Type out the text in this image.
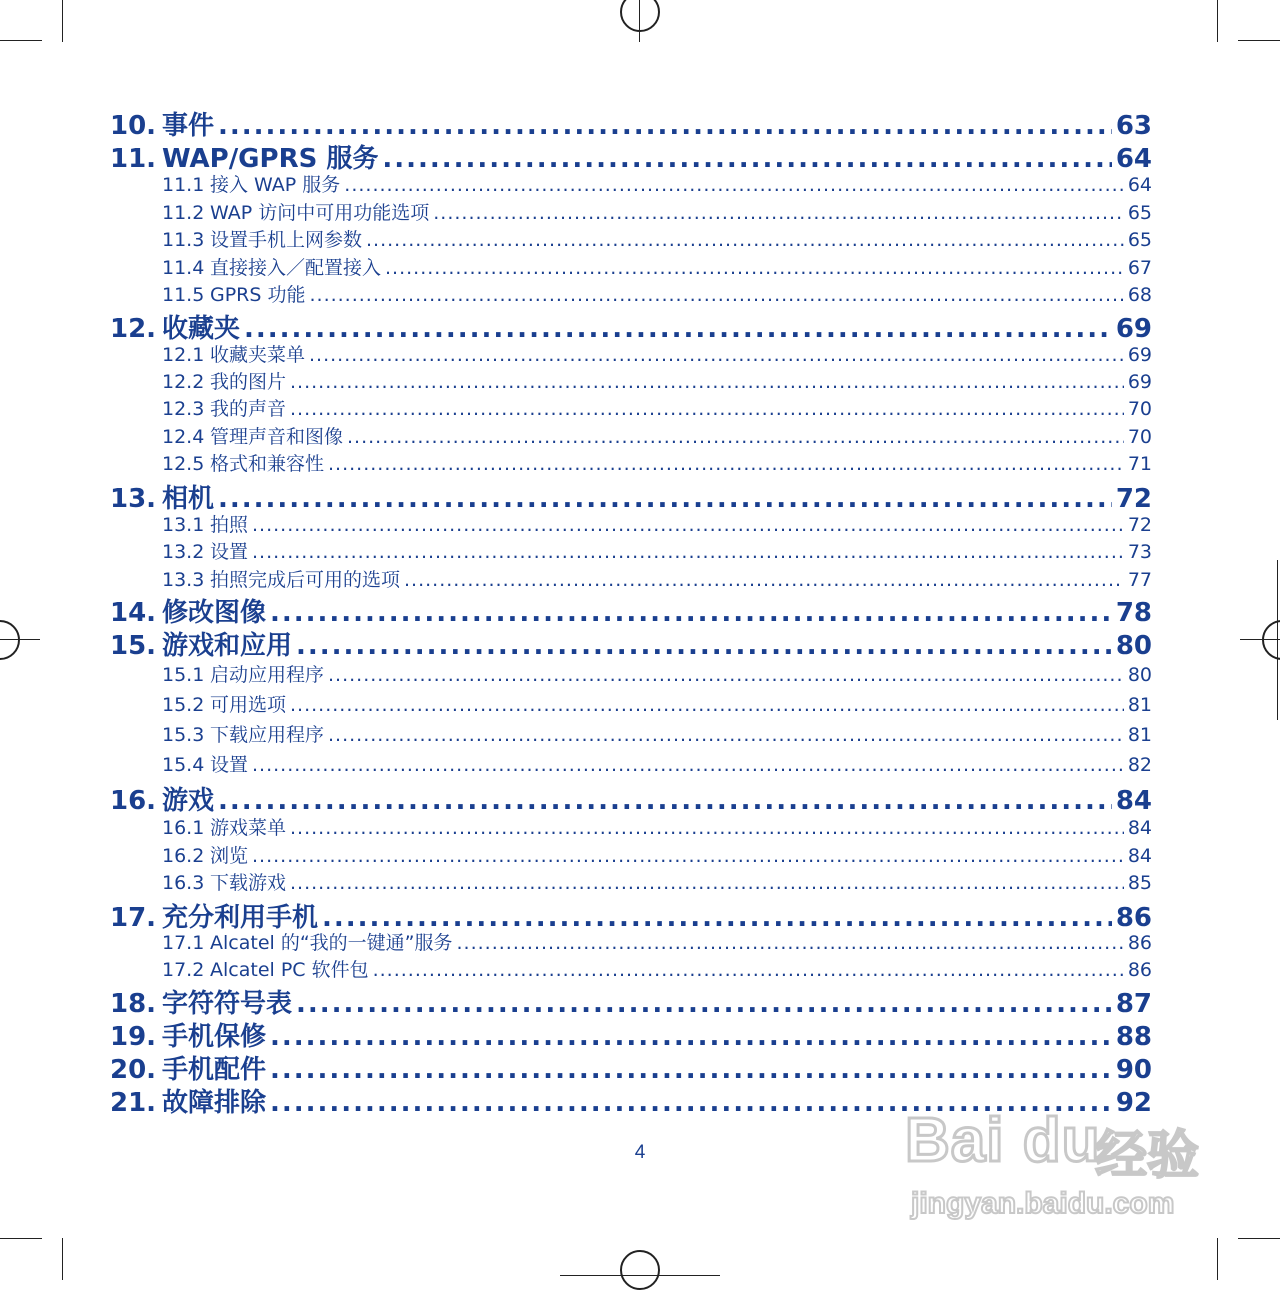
10. 事件 .....	63
11. WAP/GPRS 服务 .....	64
11.1 接入 WAP 服务 .....	64
11.2 WAP 访问中可用功能选项 .....	65
11.3 设置手机上网参数 .....	65
11.4 直接接入／配置接入 .....	67
11.5 GPRS 功能 .....	68
12. 收藏夹 .....	69
12.1 收藏夹菜单 .....	69
12.2 我的图片 .....	69
12.3 我的声音 .....	70
12.4 管理声音和图像 .....	70
12.5 格式和兼容性 .....	71
13. 相机 .....	72
13.1 拍照 .....	72
13.2 设置 .....	73
13.3 拍照完成后可用的选项 .....	77
14. 修改图像 .....	78
15. 游戏和应用 .....	80
15.1 启动应用程序 .....	80
15.2 可用选项 .....	81
15.3 下载应用程序 .....	81
15.4 设置 .....	82
16. 游戏 .....	84
16.1 游戏菜单 .....	84
16.2 浏览 .....	84
16.3 下载游戏 .....	85
17. 充分利用手机 .....	86
17.1 Alcatel 的“我的一键通”服务 .....	86
17.2 Alcatel PC 软件包 .....	86
18. 字符符号表 .....	87
19. 手机保修 .....	88
20. 手机配件 .....	90
21. 故障排除 .....	92
4	Bai du
经验
jingyan.baidu.com
